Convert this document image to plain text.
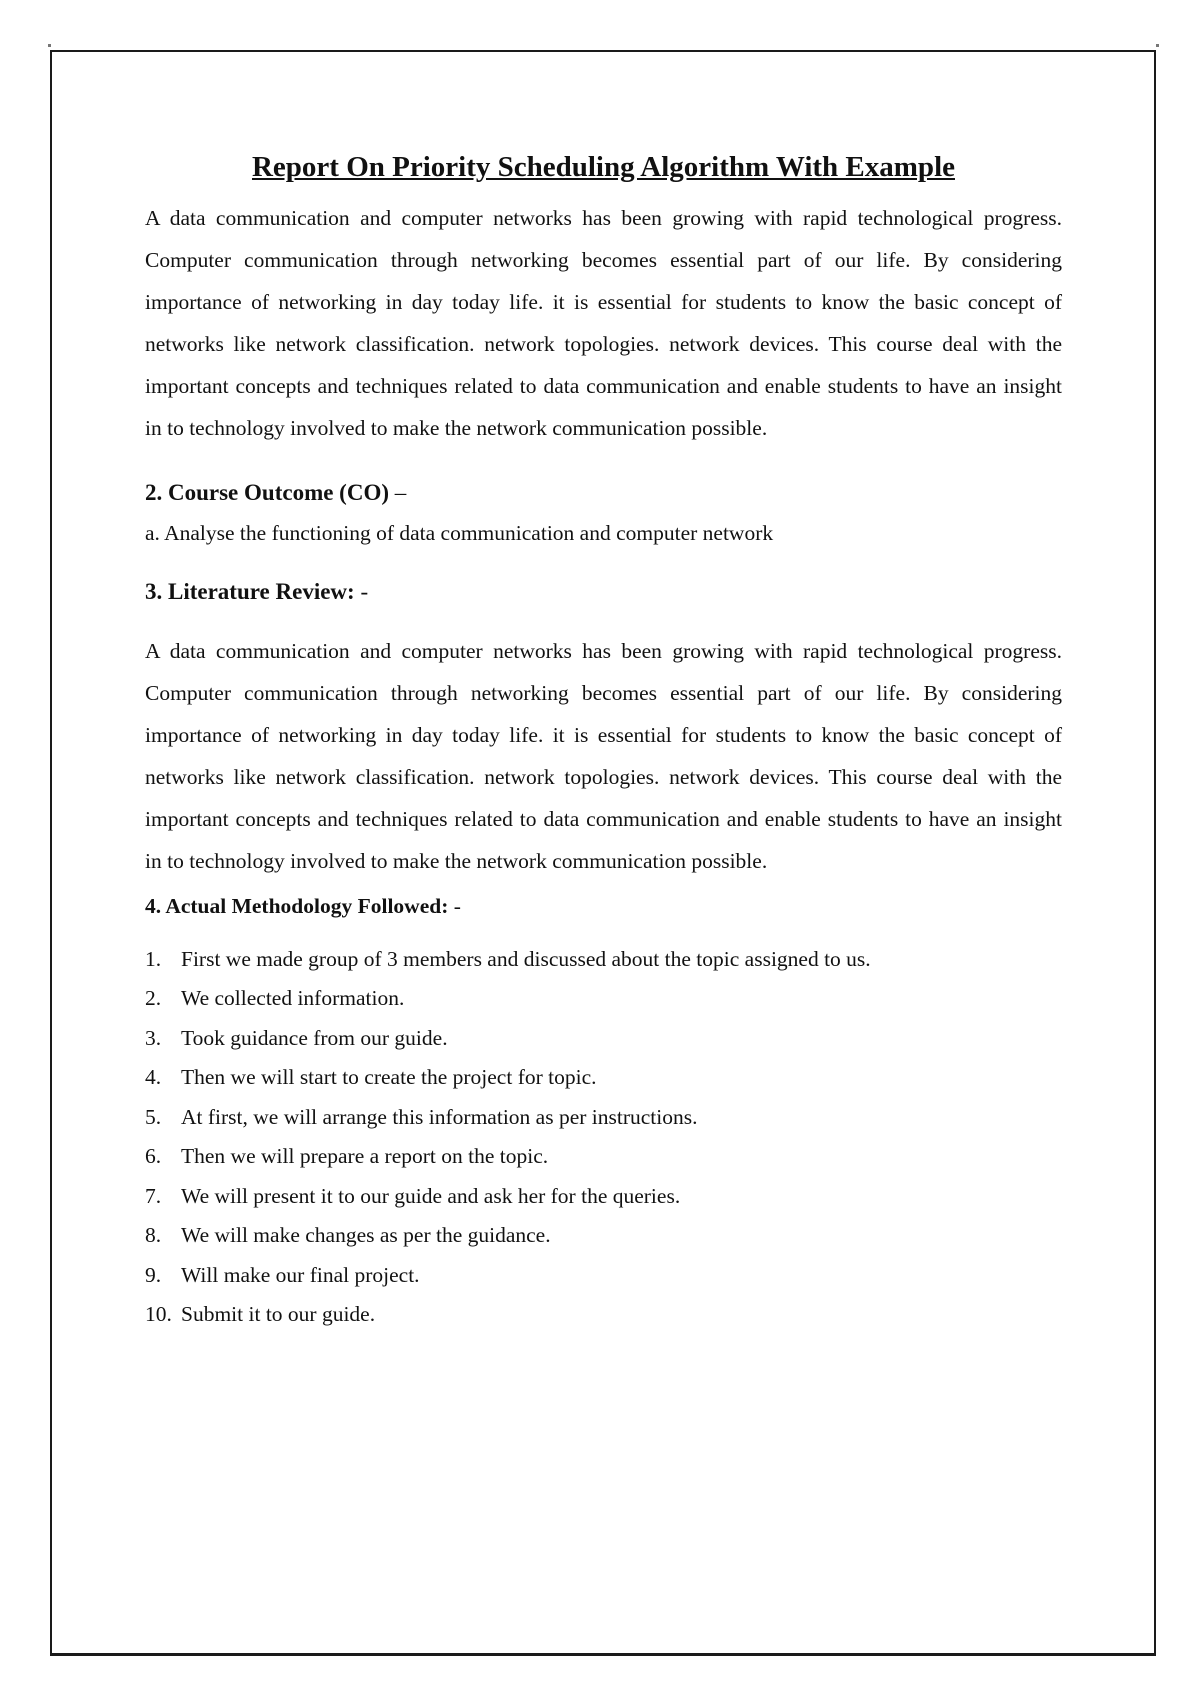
Report On Priority Scheduling Algorithm With Example

A data communication and computer networks has been growing with rapid technological progress. Computer communication through networking becomes essential part of our life. By considering importance of networking in day today life. it is essential for students to know the basic concept of networks like network classification. network topologies. network devices. This course deal with the important concepts and techniques related to data communication and enable students to have an insight in to technology involved to make the network communication possible.

2. Course Outcome (CO) –

a. Analyse the functioning of data communication and computer network

3. Literature Review: -

A data communication and computer networks has been growing with rapid technological progress. Computer communication through networking becomes essential part of our life. By considering importance of networking in day today life. it is essential for students to know the basic concept of networks like network classification. network topologies. network devices. This course deal with the important concepts and techniques related to data communication and enable students to have an insight in to technology involved to make the network communication possible.

4. Actual Methodology Followed: -
1. First we made group of 3 members and discussed about the topic assigned to us.
2. We collected information.
3. Took guidance from our guide.
4. Then we will start to create the project for topic.
5. At first, we will arrange this information as per instructions.
6. Then we will prepare a report on the topic.
7. We will present it to our guide and ask her for the queries.
8. We will make changes as per the guidance.
9. Will make our final project.
10. Submit it to our guide.
